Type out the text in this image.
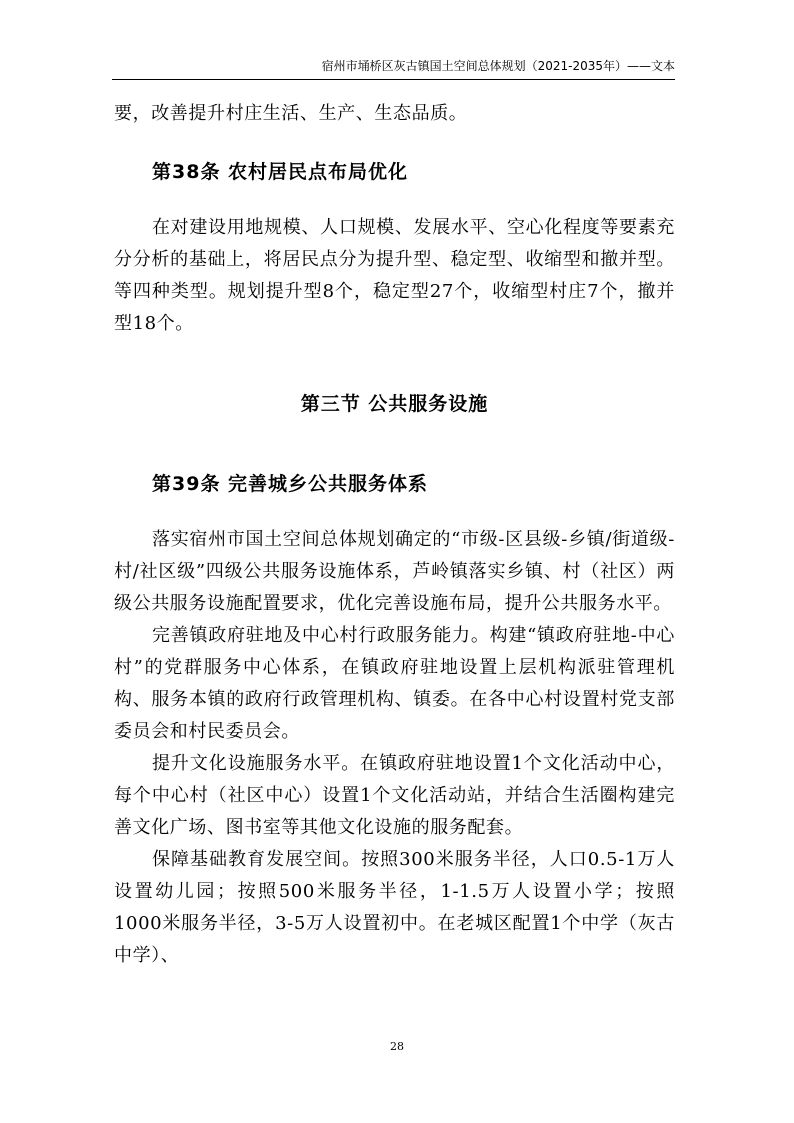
宿州市埇桥区灰古镇国土空间总体规划（2021-2035年）——文本

要，改善提升村庄生活、生产、生态品质。

第38条 农村居民点布局优化

在对建设用地规模、人口规模、发展水平、空心化程度等要素充分分析的基础上，将居民点分为提升型、稳定型、收缩型和撤并型。等四种类型。规划提升型8个，稳定型27个，收缩型村庄7个，撤并型18个。

第三节 公共服务设施
第39条 完善城乡公共服务体系

落实宿州市国土空间总体规划确定的“市级-区县级-乡镇/街道级-村/社区级”四级公共服务设施体系，芦岭镇落实乡镇、村（社区）两级公共服务设施配置要求，优化完善设施布局，提升公共服务水平。

完善镇政府驻地及中心村行政服务能力。构建“镇政府驻地-中心村”的党群服务中心体系，在镇政府驻地设置上层机构派驻管理机构、服务本镇的政府行政管理机构、镇委。在各中心村设置村党支部委员会和村民委员会。

提升文化设施服务水平。在镇政府驻地设置1个文化活动中心，每个中心村（社区中心）设置1个文化活动站，并结合生活圈构建完善文化广场、图书室等其他文化设施的服务配套。

保障基础教育发展空间。按照300米服务半径，人口0.5-1万人设置幼儿园；按照500米服务半径，1-1.5万人设置小学；按照1000米服务半径，3-5万人设置初中。在老城区配置1个中学（灰古中学）、

28
